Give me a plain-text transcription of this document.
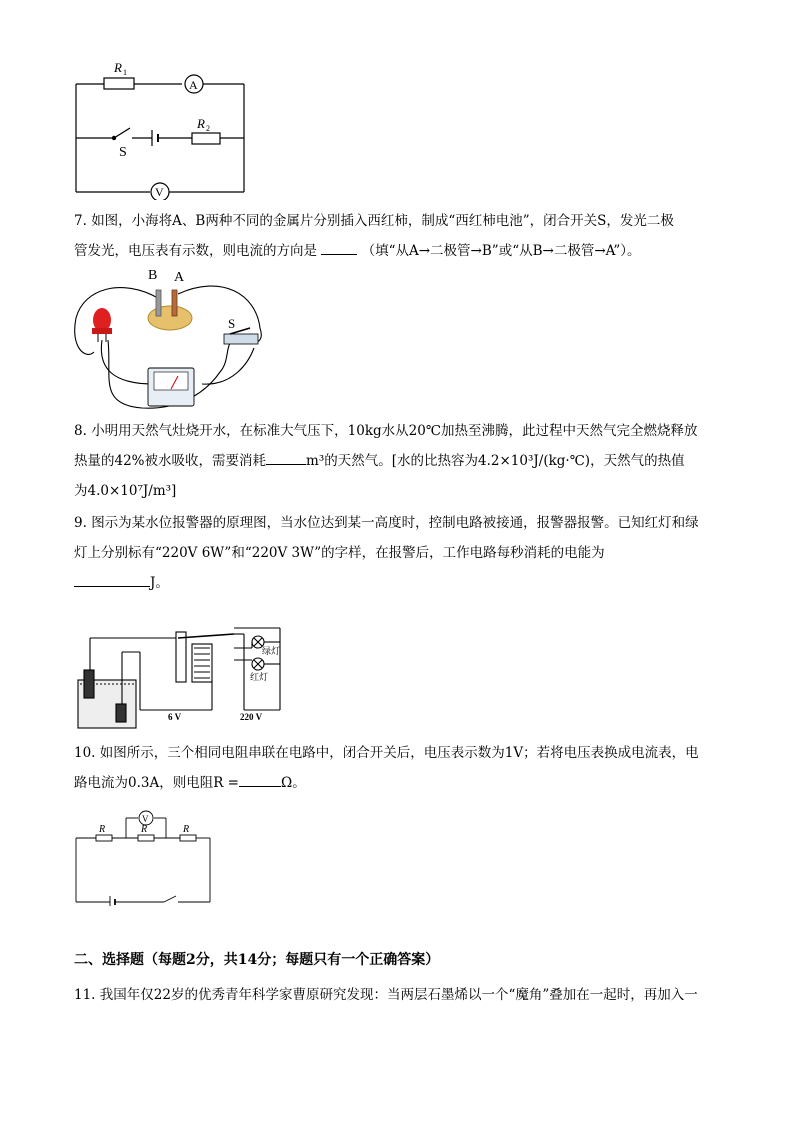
R 1
A
S
R 2
V
7. 如图，小海将A、B两种不同的金属片分别插入西红柿，制成“西红柿电池”，闭合开关S，发光二极
管发光，电压表有示数，则电流的方向是	（填“从A→二极管→B”或“从B→二极管→A”）。
B A
S
8. 小明用天然气灶烧开水，在标准大气压下，10kg水从20℃加热至沸腾，此过程中天然气完全燃烧释放
热量的42%被水吸收，需要消耗	m³的天然气。[水的比热容为4.2×10³J/(kg·℃)，天然气的热值
为4.0×10⁷J/m³]
9. 图示为某水位报警器的原理图，当水位达到某一高度时，控制电路被接通，报警器报警。已知红灯和绿
灯上分别标有“220V 6W”和“220V 3W”的字样，在报警后，工作电路每秒消耗的电能为
J。
绿灯
红灯
6 V	220 V
10. 如图所示，三个相同电阻串联在电路中，闭合开关后，电压表示数为1V；若将电压表换成电流表，电
路电流为0.3A，则电阻R =	Ω。
R	R	R
V
二、选择题（每题2分，共14分；每题只有一个正确答案）
11. 我国年仅22岁的优秀青年科学家曹原研究发现：当两层石墨烯以一个“魔角”叠加在一起时，再加入一
